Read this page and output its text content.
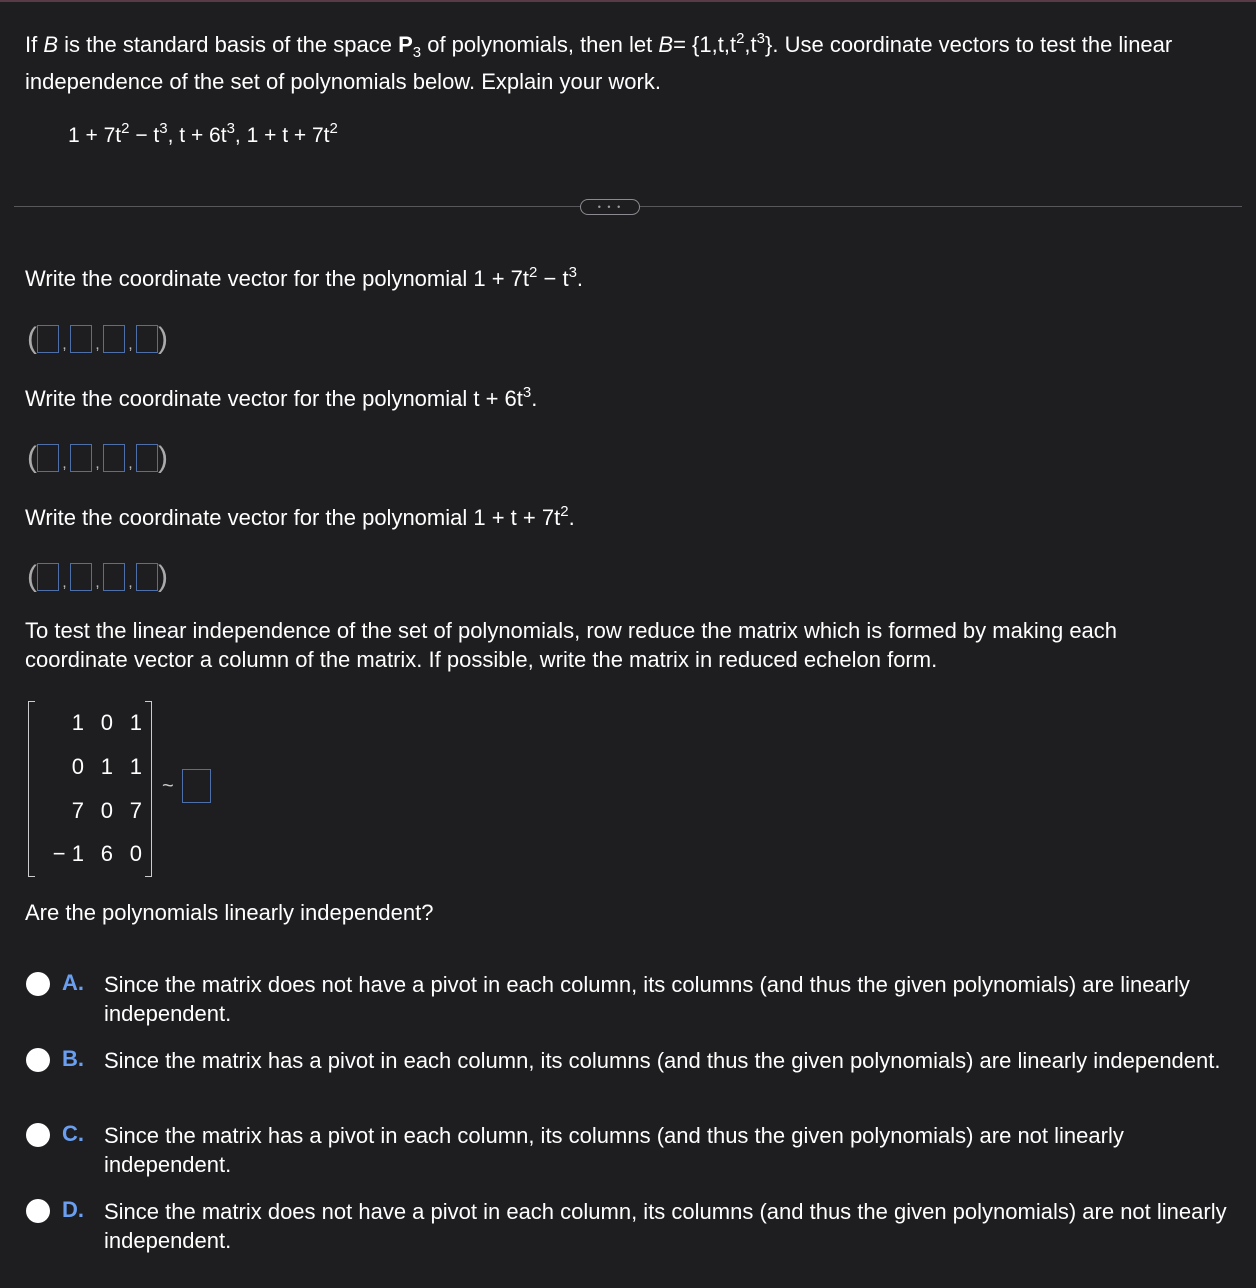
If B is the standard basis of the space $P_3$ of polynomials, then let $B= \{1,t,t^2,t^3\}$. Use coordinate vectors to test the linear independence of the set of polynomials below. Explain your work.
$1 + 7t^2 - t^3$, $t + 6t^3$, $1 + t + 7t^2$
• • •
Write the coordinate vector for the polynomial $1 + 7t^2 - t^3$.
( , , , )
Write the coordinate vector for the polynomial $t + 6t^3$.
( , , , )
Write the coordinate vector for the polynomial $1 + t + 7t^2$.
( , , , )
To test the linear independence of the set of polynomials, row reduce the matrix which is formed by making each coordinate vector a column of the matrix. If possible, write the matrix in reduced echelon form.
1 0 1
0 1 1
7 0 7
− 1 6 0
~
Are the polynomials linearly independent?
A. Since the matrix does not have a pivot in each column, its columns (and thus the given polynomials) are linearly independent.
B. Since the matrix has a pivot in each column, its columns (and thus the given polynomials) are linearly independent.
C. Since the matrix has a pivot in each column, its columns (and thus the given polynomials) are not linearly independent.
D. Since the matrix does not have a pivot in each column, its columns (and thus the given polynomials) are not linearly independent.
